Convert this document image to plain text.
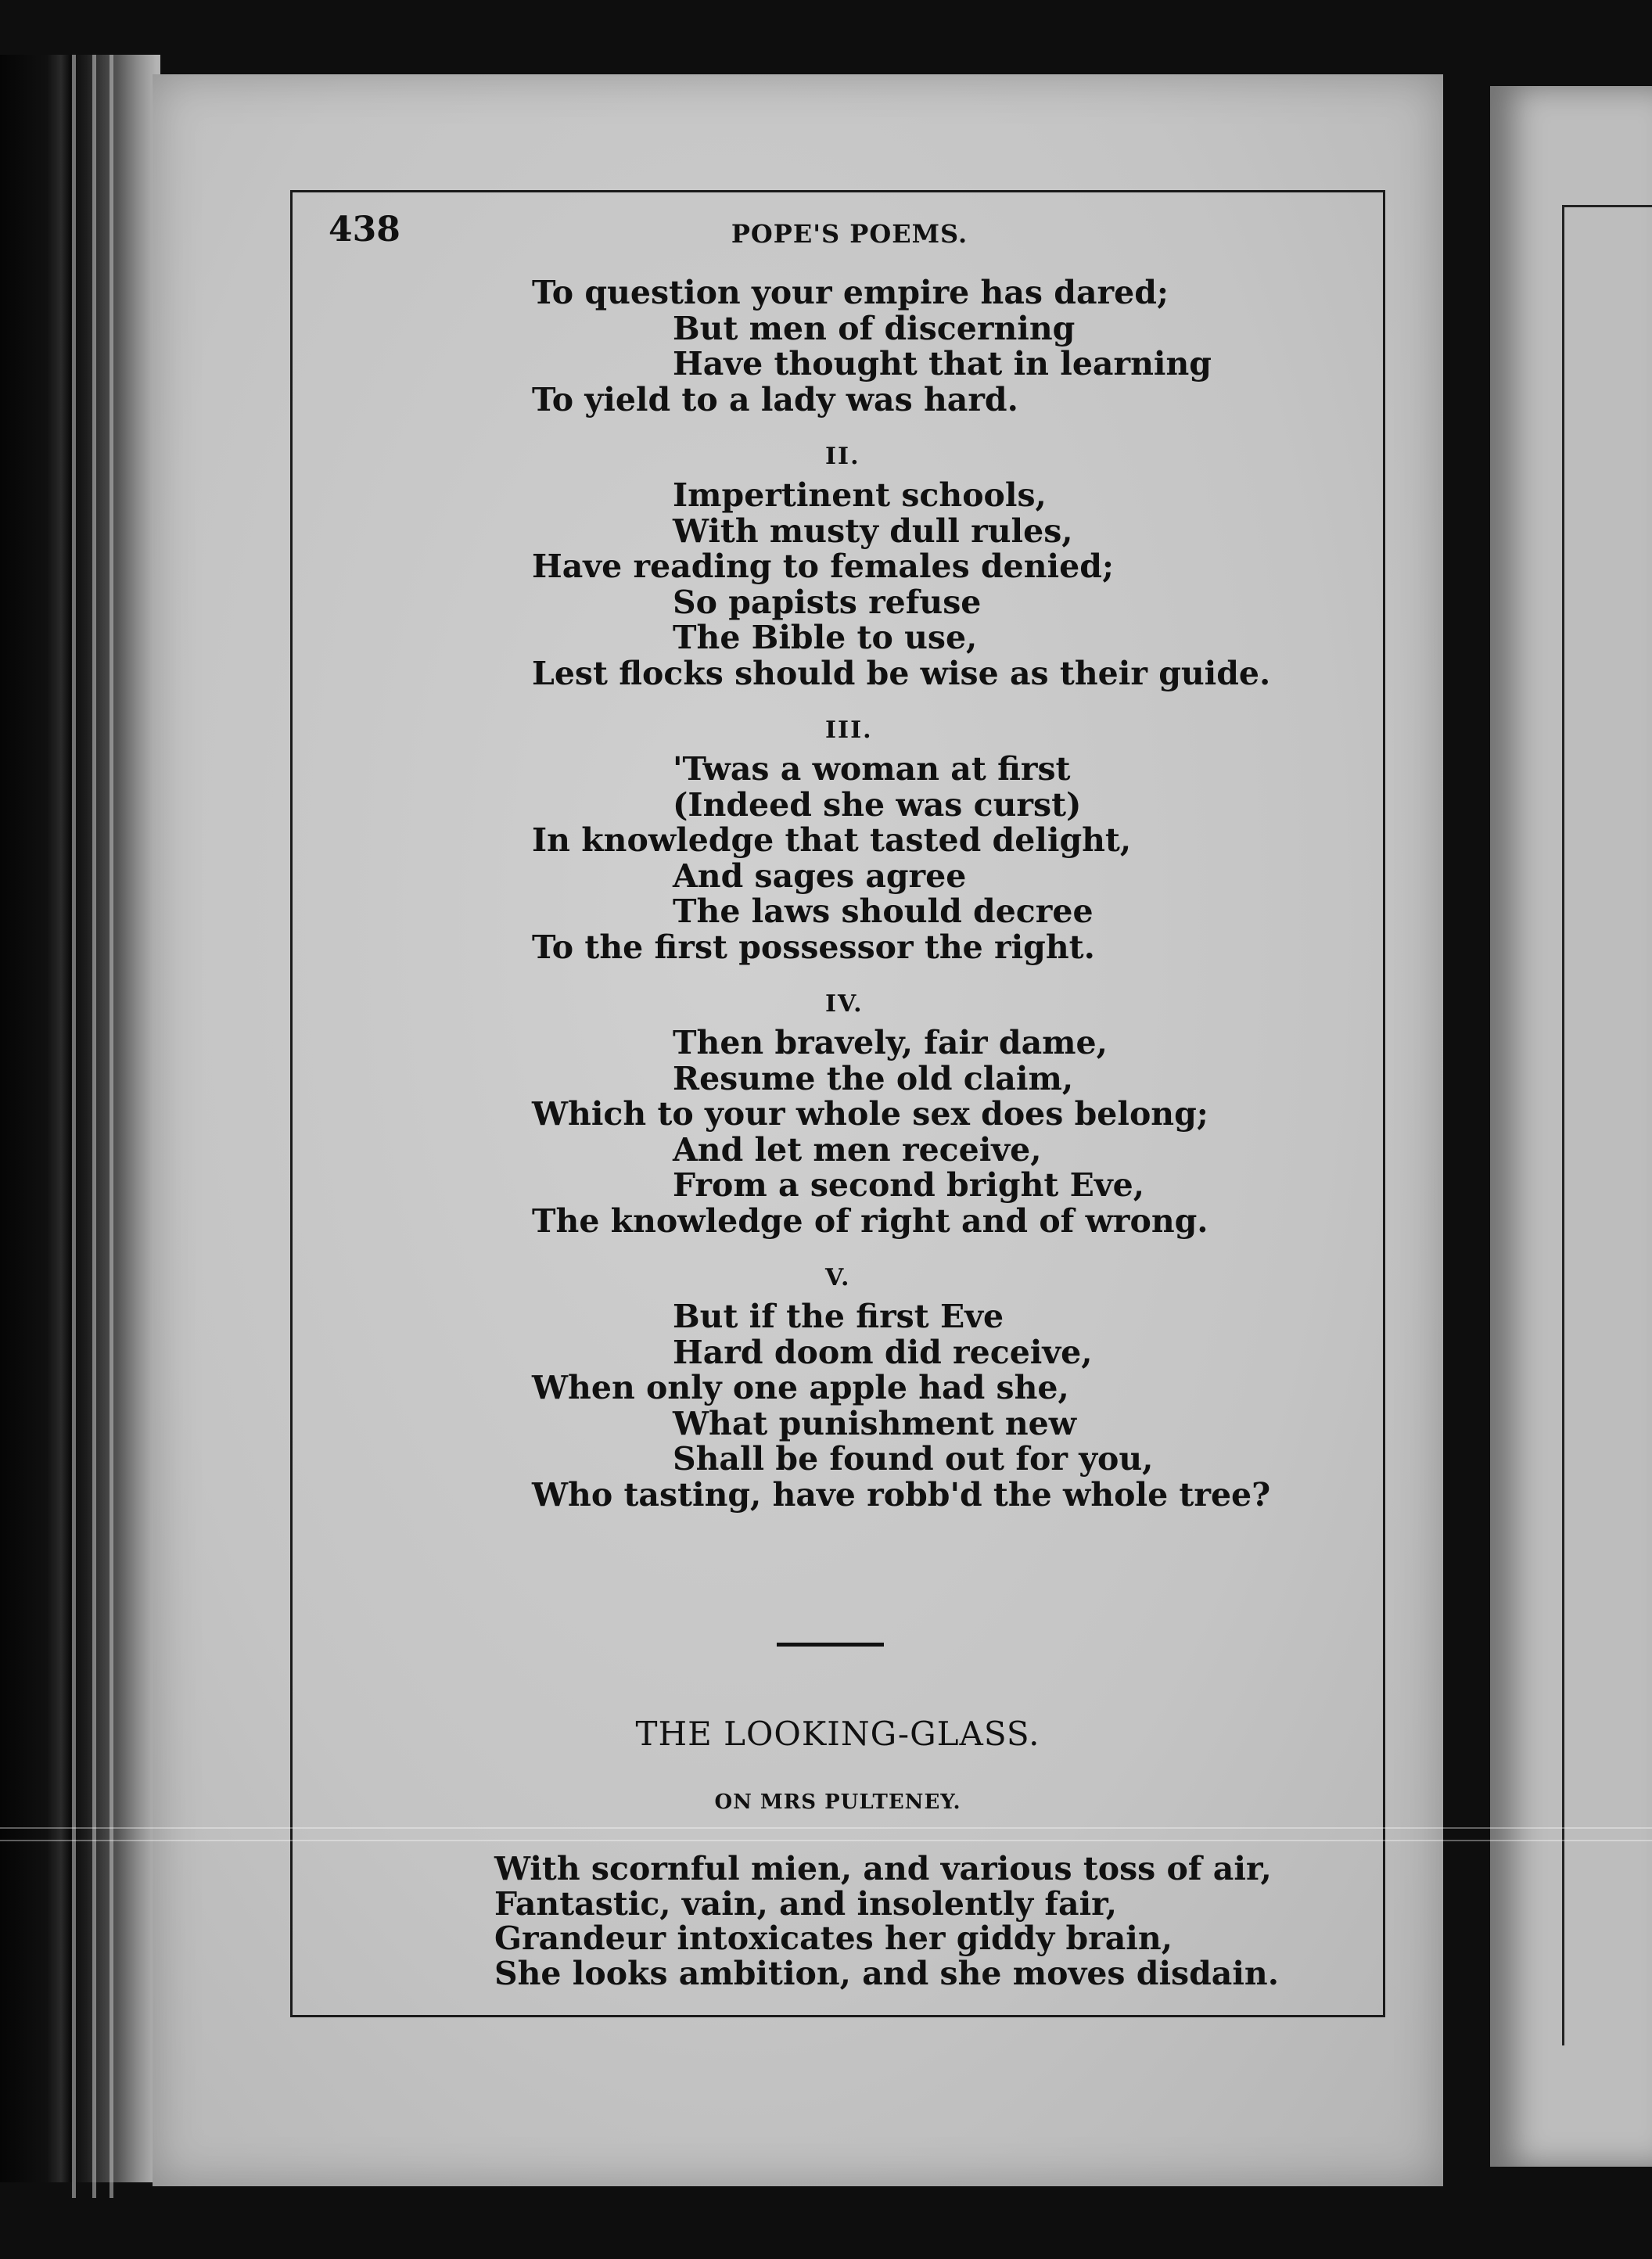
438	POPE'S POEMS.
To question your empire has dared;
But men of discerning
Have thought that in learning
To yield to a lady was hard.
II.
Impertinent schools,
With musty dull rules,
Have reading to females denied;
So papists refuse
The Bible to use,
Lest flocks should be wise as their guide.
III.
'Twas a woman at first
(Indeed she was curst)
In knowledge that tasted delight,
And sages agree
The laws should decree
To the first possessor the right.
IV.
Then bravely, fair dame,
Resume the old claim,
Which to your whole sex does belong;
And let men receive,
From a second bright Eve,
The knowledge of right and of wrong.
V.
But if the first Eve
Hard doom did receive,
When only one apple had she,
What punishment new
Shall be found out for you,
Who tasting, have robb'd the whole tree?
THE LOOKING-GLASS.
ON MRS PULTENEY.
With scornful mien, and various toss of air,
Fantastic, vain, and insolently fair,
Grandeur intoxicates her giddy brain,
She looks ambition, and she moves disdain.
